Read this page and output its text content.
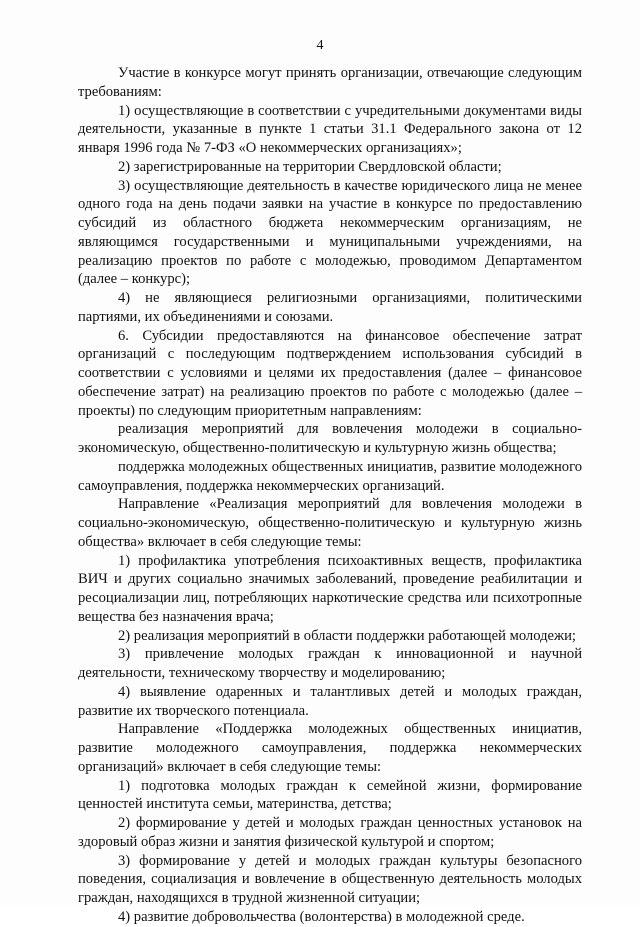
4

Участие в конкурсе могут принять организации, отвечающие следующим требованиям:

1) осуществляющие в соответствии с учредительными документами виды деятельности, указанные в пункте 1 статьи 31.1 Федерального закона от 12 января 1996 года № 7-ФЗ «О некоммерческих организациях»;

2) зарегистрированные на территории Свердловской области;

3) осуществляющие деятельность в качестве юридического лица не менее одного года на день подачи заявки на участие в конкурсе по предоставлению субсидий из областного бюджета некоммерческим организациям, не являющимся государственными и муниципальными учреждениями, на реализацию проектов по работе с молодежью, проводимом Департаментом (далее – конкурс);

4) не являющиеся религиозными организациями, политическими партиями, их объединениями и союзами.

6. Субсидии предоставляются на финансовое обеспечение затрат организаций с последующим подтверждением использования субсидий в соответствии с условиями и целями их предоставления (далее – финансовое обеспечение затрат) на реализацию проектов по работе с молодежью (далее – проекты) по следующим приоритетным направлениям:

реализация мероприятий для вовлечения молодежи в социально-экономическую, общественно-политическую и культурную жизнь общества;

поддержка молодежных общественных инициатив, развитие молодежного самоуправления, поддержка некоммерческих организаций.

Направление «Реализация мероприятий для вовлечения молодежи в социально-экономическую, общественно-политическую и культурную жизнь общества» включает в себя следующие темы:

1) профилактика употребления психоактивных веществ, профилактика ВИЧ и других социально значимых заболеваний, проведение реабилитации и ресоциализации лиц, потребляющих наркотические средства или психотропные вещества без назначения врача;

2) реализация мероприятий в области поддержки работающей молодежи;

3) привлечение молодых граждан к инновационной и научной деятельности, техническому творчеству и моделированию;

4) выявление одаренных и талантливых детей и молодых граждан, развитие их творческого потенциала.

Направление «Поддержка молодежных общественных инициатив, развитие молодежного самоуправления, поддержка некоммерческих организаций» включает в себя следующие темы:

1) подготовка молодых граждан к семейной жизни, формирование ценностей института семьи, материнства, детства;

2) формирование у детей и молодых граждан ценностных установок на здоровый образ жизни и занятия физической культурой и спортом;

3) формирование у детей и молодых граждан культуры безопасного поведения, социализация и вовлечение в общественную деятельность молодых граждан, находящихся в трудной жизненной ситуации;

4) развитие добровольчества (волонтерства) в молодежной среде.
